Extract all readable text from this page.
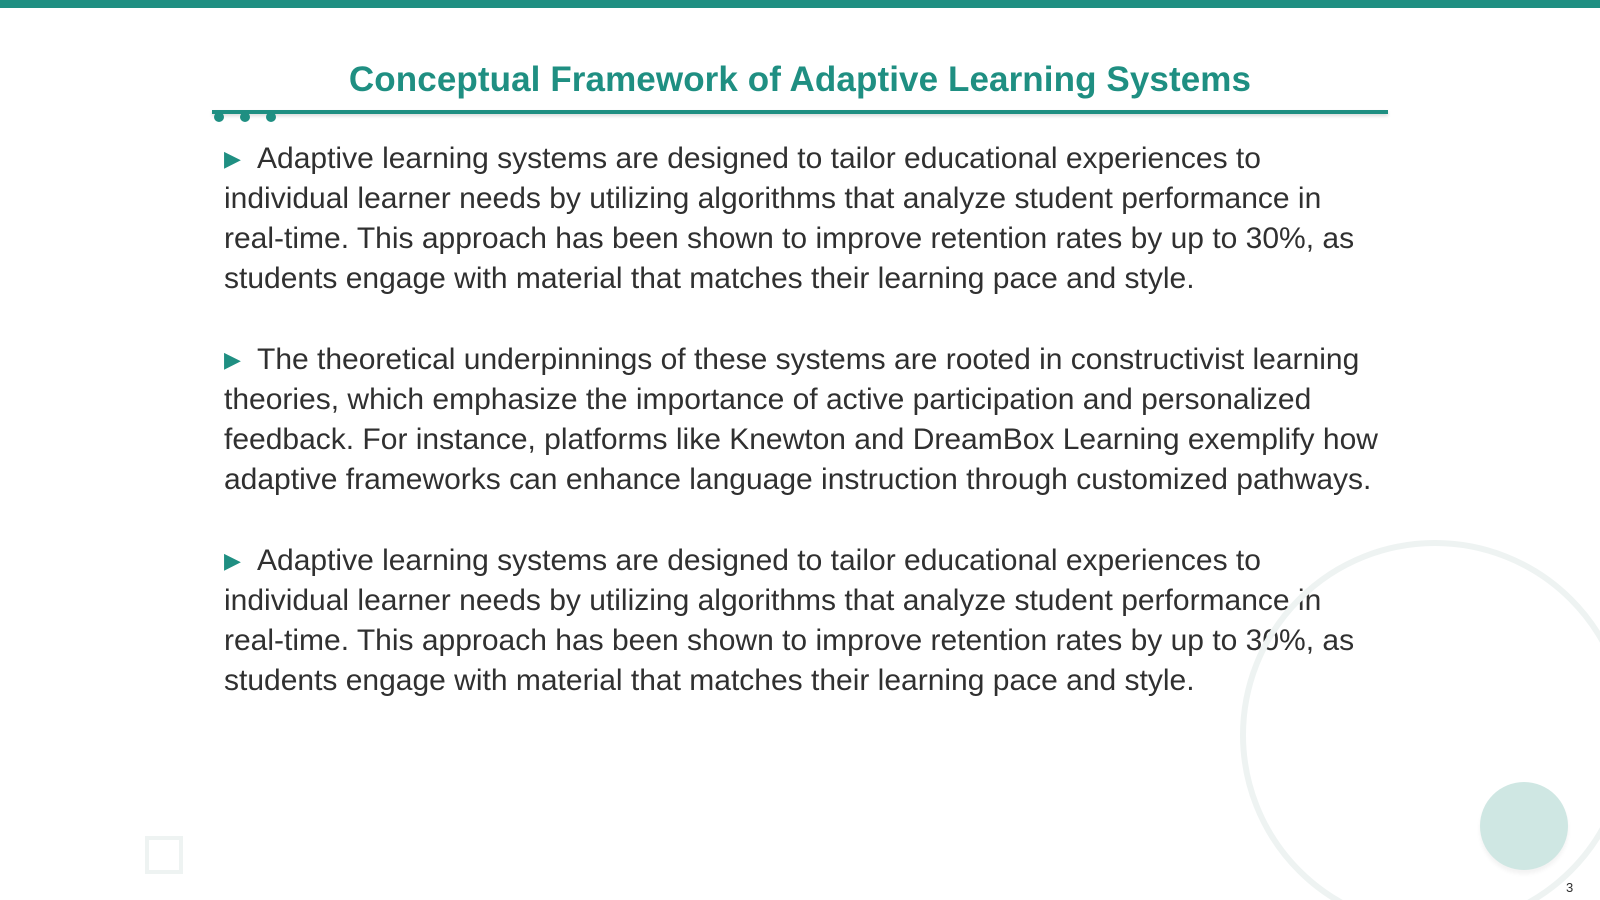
Conceptual Framework of Adaptive Learning Systems

▶ Adaptive learning systems are designed to tailor educational experiences to individual learner needs by utilizing algorithms that analyze student performance in real-time. This approach has been shown to improve retention rates by up to 30%, as students engage with material that matches their learning pace and style.

▶ The theoretical underpinnings of these systems are rooted in constructivist learning theories, which emphasize the importance of active participation and personalized feedback. For instance, platforms like Knewton and DreamBox Learning exemplify how adaptive frameworks can enhance language instruction through customized pathways.

▶ Adaptive learning systems are designed to tailor educational experiences to individual learner needs by utilizing algorithms that analyze student performance in real-time. This approach has been shown to improve retention rates by up to 30%, as students engage with material that matches their learning pace and style.

3
